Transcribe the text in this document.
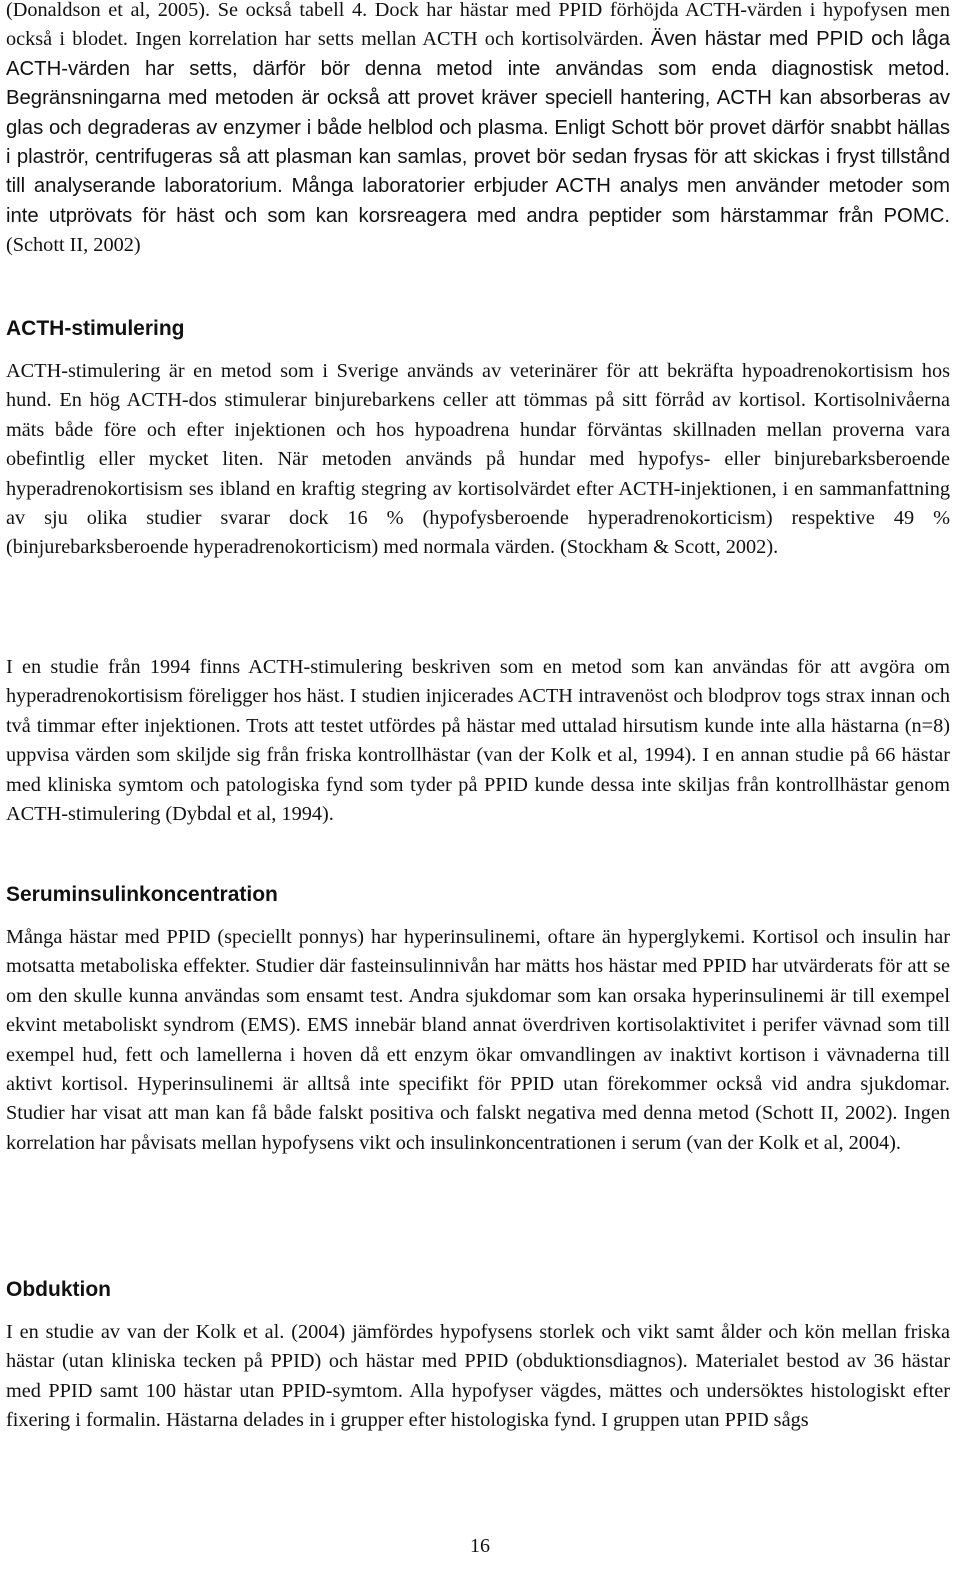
(Donaldson et al, 2005). Se också tabell 4. Dock har hästar med PPID förhöjda ACTH-värden i hypofysen men också i blodet. Ingen korrelation har setts mellan ACTH och kortisolvärden. Även hästar med PPID och låga ACTH-värden har setts, därför bör denna metod inte användas som enda diagnostisk metod. Begränsningarna med metoden är också att provet kräver speciell hantering, ACTH kan absorberas av glas och degraderas av enzymer i både helblod och plasma. Enligt Schott bör provet därför snabbt hällas i plaströr, centrifugeras så att plasman kan samlas, provet bör sedan frysas för att skickas i fryst tillstånd till analyserande laboratorium. Många laboratorier erbjuder ACTH analys men använder metoder som inte utprövats för häst och som kan korsreagera med andra peptider som härstammar från POMC. (Schott II, 2002)

ACTH-stimulering

ACTH-stimulering är en metod som i Sverige används av veterinärer för att bekräfta hypoadrenokortisism hos hund. En hög ACTH-dos stimulerar binjurebarkens celler att tömmas på sitt förråd av kortisol. Kortisolnivåerna mäts både före och efter injektionen och hos hypoadrena hundar förväntas skillnaden mellan proverna vara obefintlig eller mycket liten. När metoden används på hundar med hypofys- eller binjurebarksberoende hyperadrenokortisism ses ibland en kraftig stegring av kortisolvärdet efter ACTH-injektionen, i en sammanfattning av sju olika studier svarar dock 16 % (hypofysberoende hyperadrenokorticism) respektive 49 % (binjurebarksberoende hyperadrenokorticism) med normala värden. (Stockham & Scott, 2002).

I en studie från 1994 finns ACTH-stimulering beskriven som en metod som kan användas för att avgöra om hyperadrenokortisism föreligger hos häst. I studien injicerades ACTH intravenöst och blodprov togs strax innan och två timmar efter injektionen. Trots att testet utfördes på hästar med uttalad hirsutism kunde inte alla hästarna (n=8) uppvisa värden som skiljde sig från friska kontrollhästar (van der Kolk et al, 1994). I en annan studie på 66 hästar med kliniska symtom och patologiska fynd som tyder på PPID kunde dessa inte skiljas från kontrollhästar genom ACTH-stimulering (Dybdal et al, 1994).

Seruminsulinkoncentration

Många hästar med PPID (speciellt ponnys) har hyperinsulinemi, oftare än hyperglykemi. Kortisol och insulin har motsatta metaboliska effekter. Studier där fasteinsulinnivån har mätts hos hästar med PPID har utvärderats för att se om den skulle kunna användas som ensamt test. Andra sjukdomar som kan orsaka hyperinsulinemi är till exempel ekvint metaboliskt syndrom (EMS). EMS innebär bland annat överdriven kortisolaktivitet i perifer vävnad som till exempel hud, fett och lamellerna i hoven då ett enzym ökar omvandlingen av inaktivt kortison i vävnaderna till aktivt kortisol. Hyperinsulinemi är alltså inte specifikt för PPID utan förekommer också vid andra sjukdomar. Studier har visat att man kan få både falskt positiva och falskt negativa med denna metod (Schott II, 2002). Ingen korrelation har påvisats mellan hypofysens vikt och insulinkoncentrationen i serum (van der Kolk et al, 2004).

Obduktion

I en studie av van der Kolk et al. (2004) jämfördes hypofysens storlek och vikt samt ålder och kön mellan friska hästar (utan kliniska tecken på PPID) och hästar med PPID (obduktionsdiagnos). Materialet bestod av 36 hästar med PPID samt 100 hästar utan PPID-symtom. Alla hypofyser vägdes, mättes och undersöktes histologiskt efter fixering i formalin. Hästarna delades in i grupper efter histologiska fynd. I gruppen utan PPID sågs

16
